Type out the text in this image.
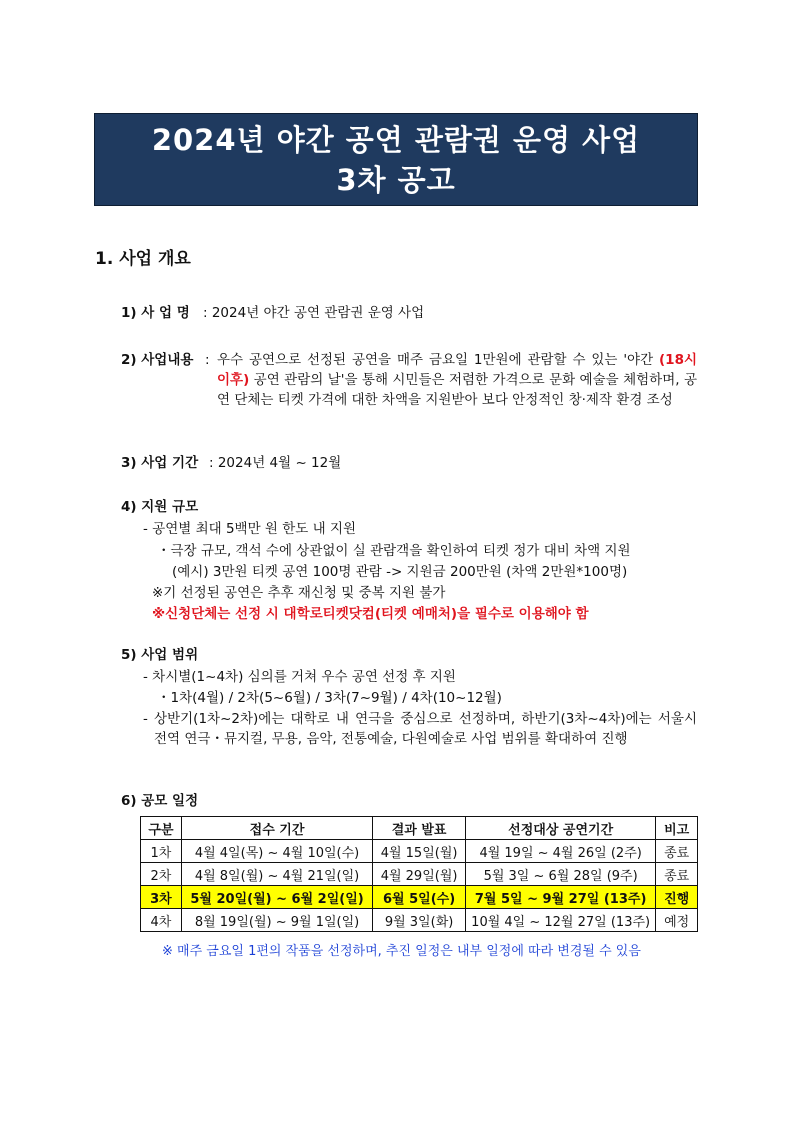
2024년 야간 공연 관람권 운영 사업
3차 공고
1. 사업 개요
1) 사 업 명 : 2024년 야간 공연 관람권 운영 사업
2) 사업내용 : 우수 공연으로 선정된 공연을 매주 금요일 1만원에 관람할 수 있는 '야간 (18시 이후) 공연 관람의 날'을 통해 시민들은 저렴한 가격으로 문화 예술을 체험하며, 공연 단체는 티켓 가격에 대한 차액을 지원받아 보다 안정적인 창·제작 환경 조성
3) 사업 기간 : 2024년 4월 ~ 12월
4) 지원 규모
- 공연별 최대 5백만 원 한도 내 지원
・극장 규모, 객석 수에 상관없이 실 관람객을 확인하여 티켓 정가 대비 차액 지원
(예시) 3만원 티켓 공연 100명 관람 -> 지원금 200만원 (차액 2만원*100명)
※기 선정된 공연은 추후 재신청 및 중복 지원 불가
※신청단체는 선정 시 대학로티켓닷컴(티켓 예매처)을 필수로 이용해야 함
5) 사업 범위
- 차시별(1~4차) 심의를 거쳐 우수 공연 선정 후 지원
・1차(4월) / 2차(5~6월) / 3차(7~9월) / 4차(10~12월)
- 상반기(1차~2차)에는 대학로 내 연극을 중심으로 선정하며, 하반기(3차~4차)에는 서울시 전역 연극・뮤지컬, 무용, 음악, 전통예술, 다원예술로 사업 범위를 확대하여 진행
6) 공모 일정
구분	접수 기간	결과 발표	선정대상 공연기간	비고
1차	4월 4일(목) ~ 4월 10일(수)	4월 15일(월)	4월 19일 ~ 4월 26일 (2주)	종료
2차	4월 8일(월) ~ 4월 21일(일)	4월 29일(월)	5월 3일 ~ 6월 28일 (9주)	종료
3차	5월 20일(월) ~ 6월 2일(일)	6월 5일(수)	7월 5일 ~ 9월 27일 (13주)	진행
4차	8월 19일(월) ~ 9월 1일(일)	9월 3일(화)	10월 4일 ~ 12월 27일 (13주)	예정
※ 매주 금요일 1편의 작품을 선정하며, 추진 일정은 내부 일정에 따라 변경될 수 있음
